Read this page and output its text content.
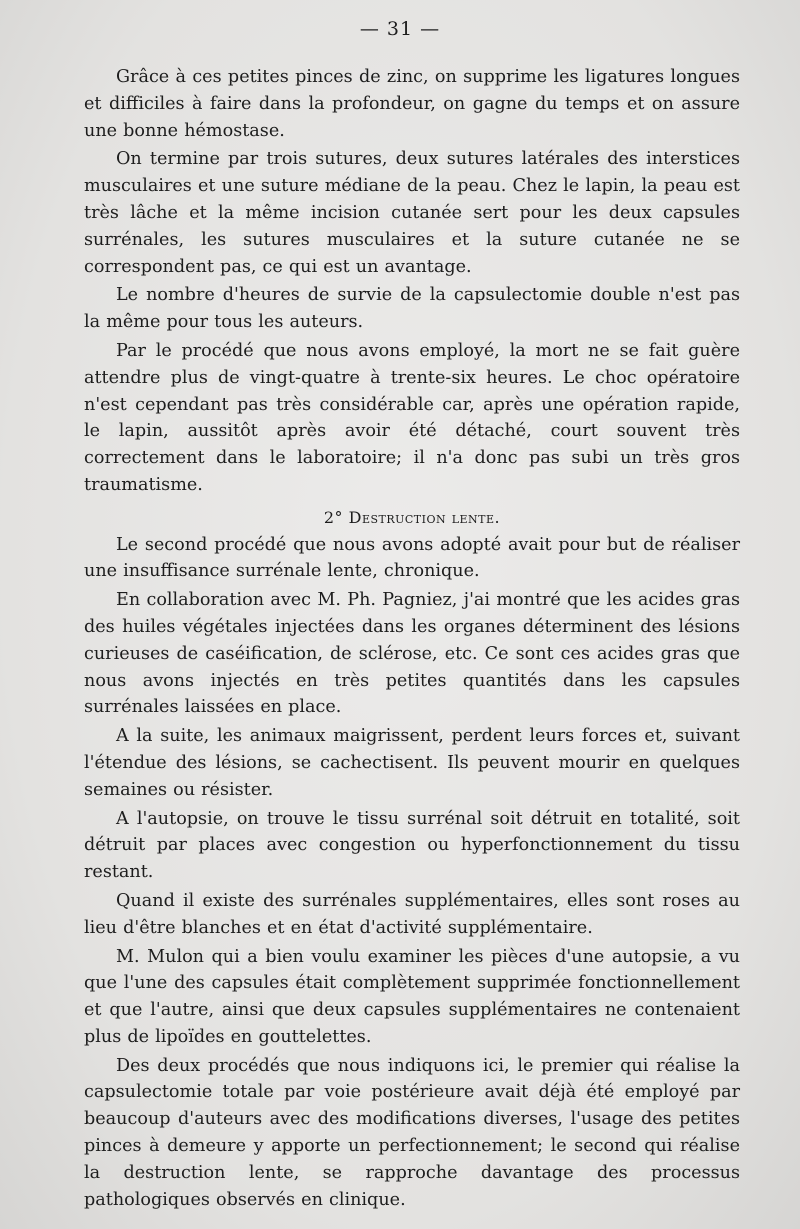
— 31 —

Grâce à ces petites pinces de zinc, on supprime les ligatures longues et difficiles à faire dans la profondeur, on gagne du temps et on assure une bonne hémostase.

On termine par trois sutures, deux sutures latérales des interstices musculaires et une suture médiane de la peau. Chez le lapin, la peau est très lâche et la même incision cutanée sert pour les deux capsules surrénales, les sutures musculaires et la suture cutanée ne se correspondent pas, ce qui est un avantage.

Le nombre d'heures de survie de la capsulectomie double n'est pas la même pour tous les auteurs.

Par le procédé que nous avons employé, la mort ne se fait guère attendre plus de vingt-quatre à trente-six heures. Le choc opératoire n'est cependant pas très considérable car, après une opération rapide, le lapin, aussitôt après avoir été détaché, court souvent très correctement dans le laboratoire; il n'a donc pas subi un très gros traumatisme.

2° Destruction lente.

Le second procédé que nous avons adopté avait pour but de réaliser une insuffisance surrénale lente, chronique.

En collaboration avec M. Ph. Pagniez, j'ai montré que les acides gras des huiles végétales injectées dans les organes déterminent des lésions curieuses de caséification, de sclérose, etc. Ce sont ces acides gras que nous avons injectés en très petites quantités dans les capsules surrénales laissées en place.

A la suite, les animaux maigrissent, perdent leurs forces et, suivant l'étendue des lésions, se cachectisent. Ils peuvent mourir en quelques semaines ou résister.

A l'autopsie, on trouve le tissu surrénal soit détruit en totalité, soit détruit par places avec congestion ou hyperfonctionnement du tissu restant.

Quand il existe des surrénales supplémentaires, elles sont roses au lieu d'être blanches et en état d'activité supplémentaire.

M. Mulon qui a bien voulu examiner les pièces d'une autopsie, a vu que l'une des capsules était complètement supprimée fonctionnellement et que l'autre, ainsi que deux capsules supplémentaires ne contenaient plus de lipoïdes en gouttelettes.

Des deux procédés que nous indiquons ici, le premier qui réalise la capsulectomie totale par voie postérieure avait déjà été employé par beaucoup d'auteurs avec des modifications diverses, l'usage des petites pinces à demeure y apporte un perfectionnement; le second qui réalise la destruction lente, se rapproche davantage des processus pathologiques observés en clinique.
